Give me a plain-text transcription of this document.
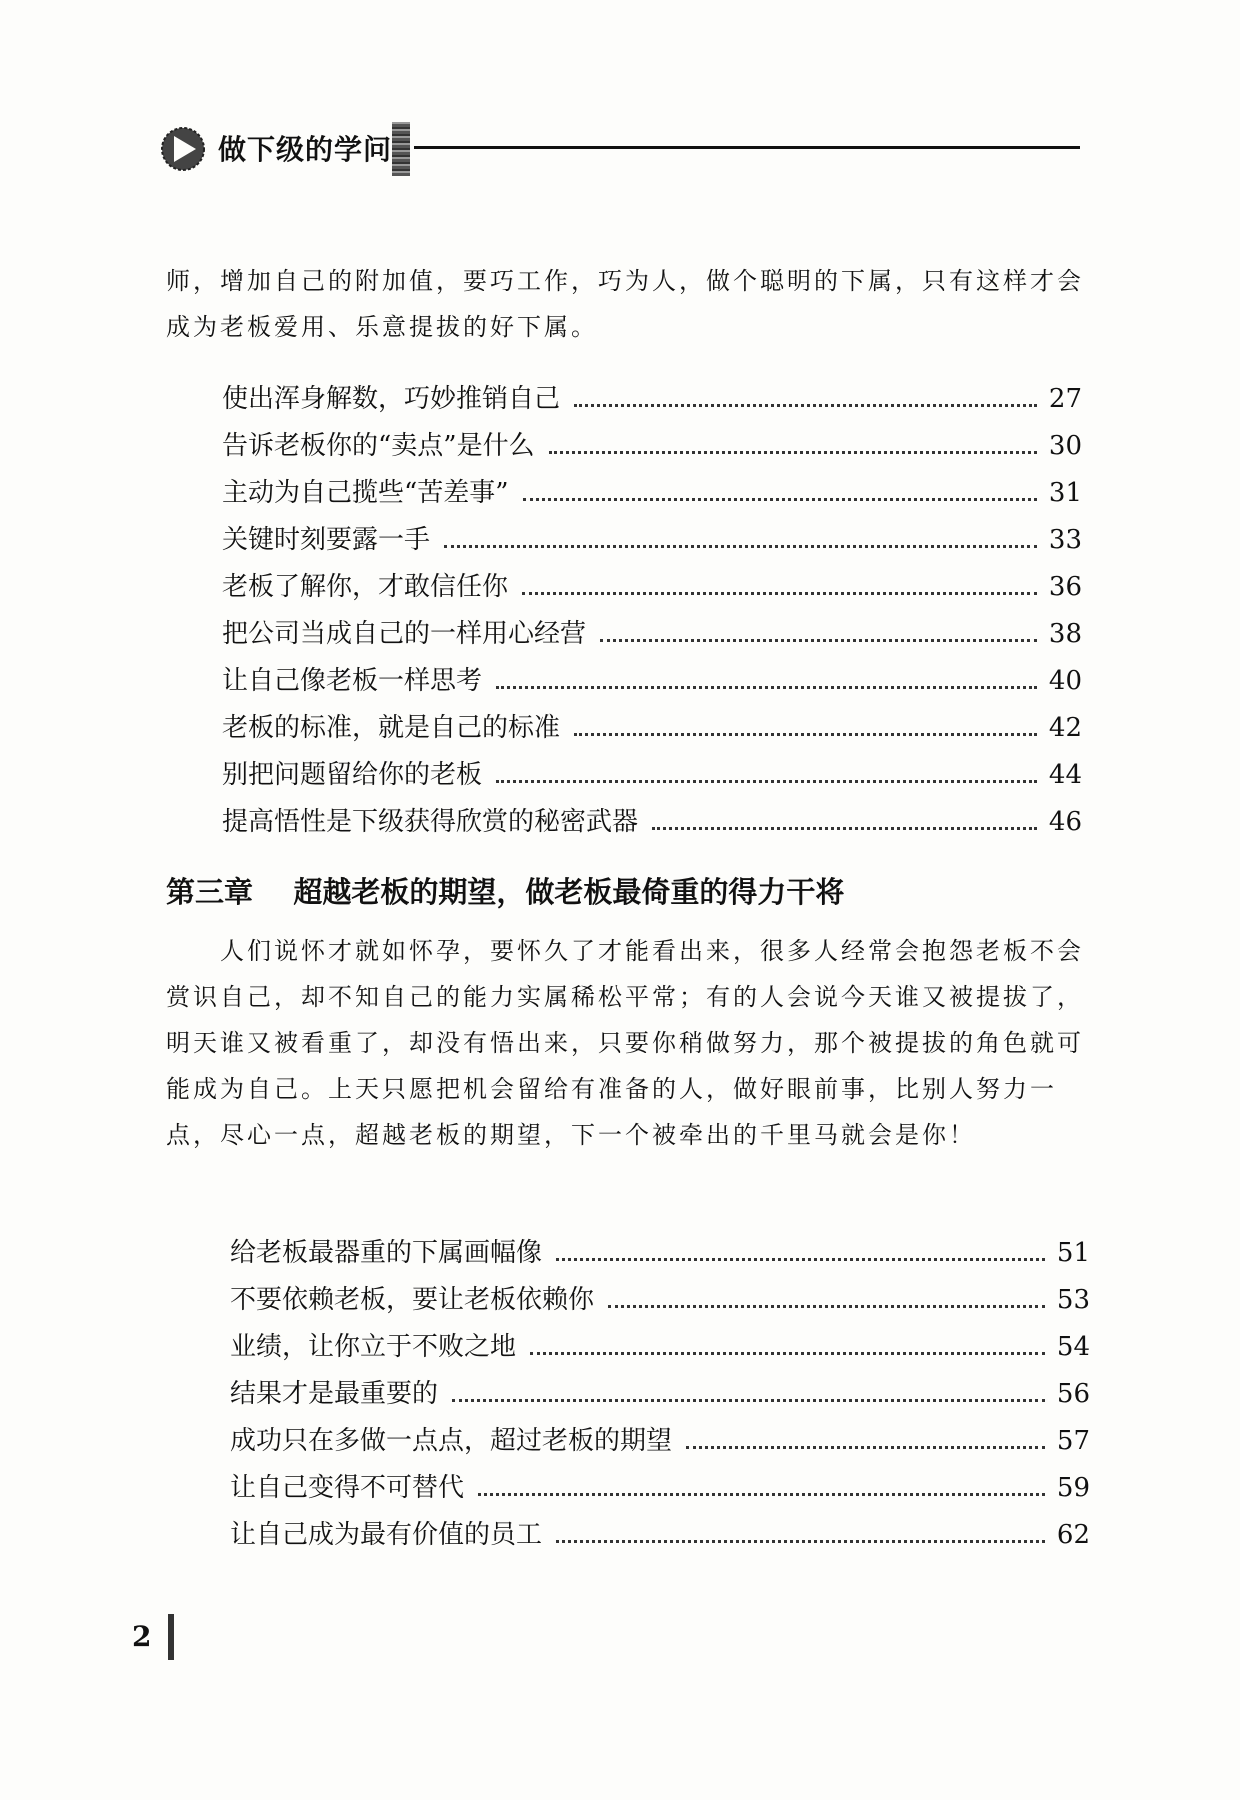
做下级的学问

师，增加自己的附加值，要巧工作，巧为人，做个聪明的下属，只有这样才会成为老板爱用、乐意提拔的好下属。

使出浑身解数，巧妙推销自己	27
告诉老板你的“卖点”是什么	30
主动为自己揽些“苦差事”	31
关键时刻要露一手	33
老板了解你，才敢信任你	36
把公司当成自己的一样用心经营	38
让自己像老板一样思考	40
老板的标准，就是自己的标准	42
别把问题留给你的老板	44
提高悟性是下级获得欣赏的秘密武器	46
第三章    超越老板的期望，做老板最倚重的得力干将

　　人们说怀才就如怀孕，要怀久了才能看出来，很多人经常会抱怨老板不会赏识自己，却不知自己的能力实属稀松平常；有的人会说今天谁又被提拔了，明天谁又被看重了，却没有悟出来，只要你稍做努力，那个被提拔的角色就可能成为自己。上天只愿把机会留给有准备的人，做好眼前事，比别人努力一点，尽心一点，超越老板的期望，下一个被牵出的千里马就会是你！

给老板最器重的下属画幅像	51
不要依赖老板，要让老板依赖你	53
业绩，让你立于不败之地	54
结果才是最重要的	56
成功只在多做一点点，超过老板的期望	57
让自己变得不可替代	59
让自己成为最有价值的员工	62
2
